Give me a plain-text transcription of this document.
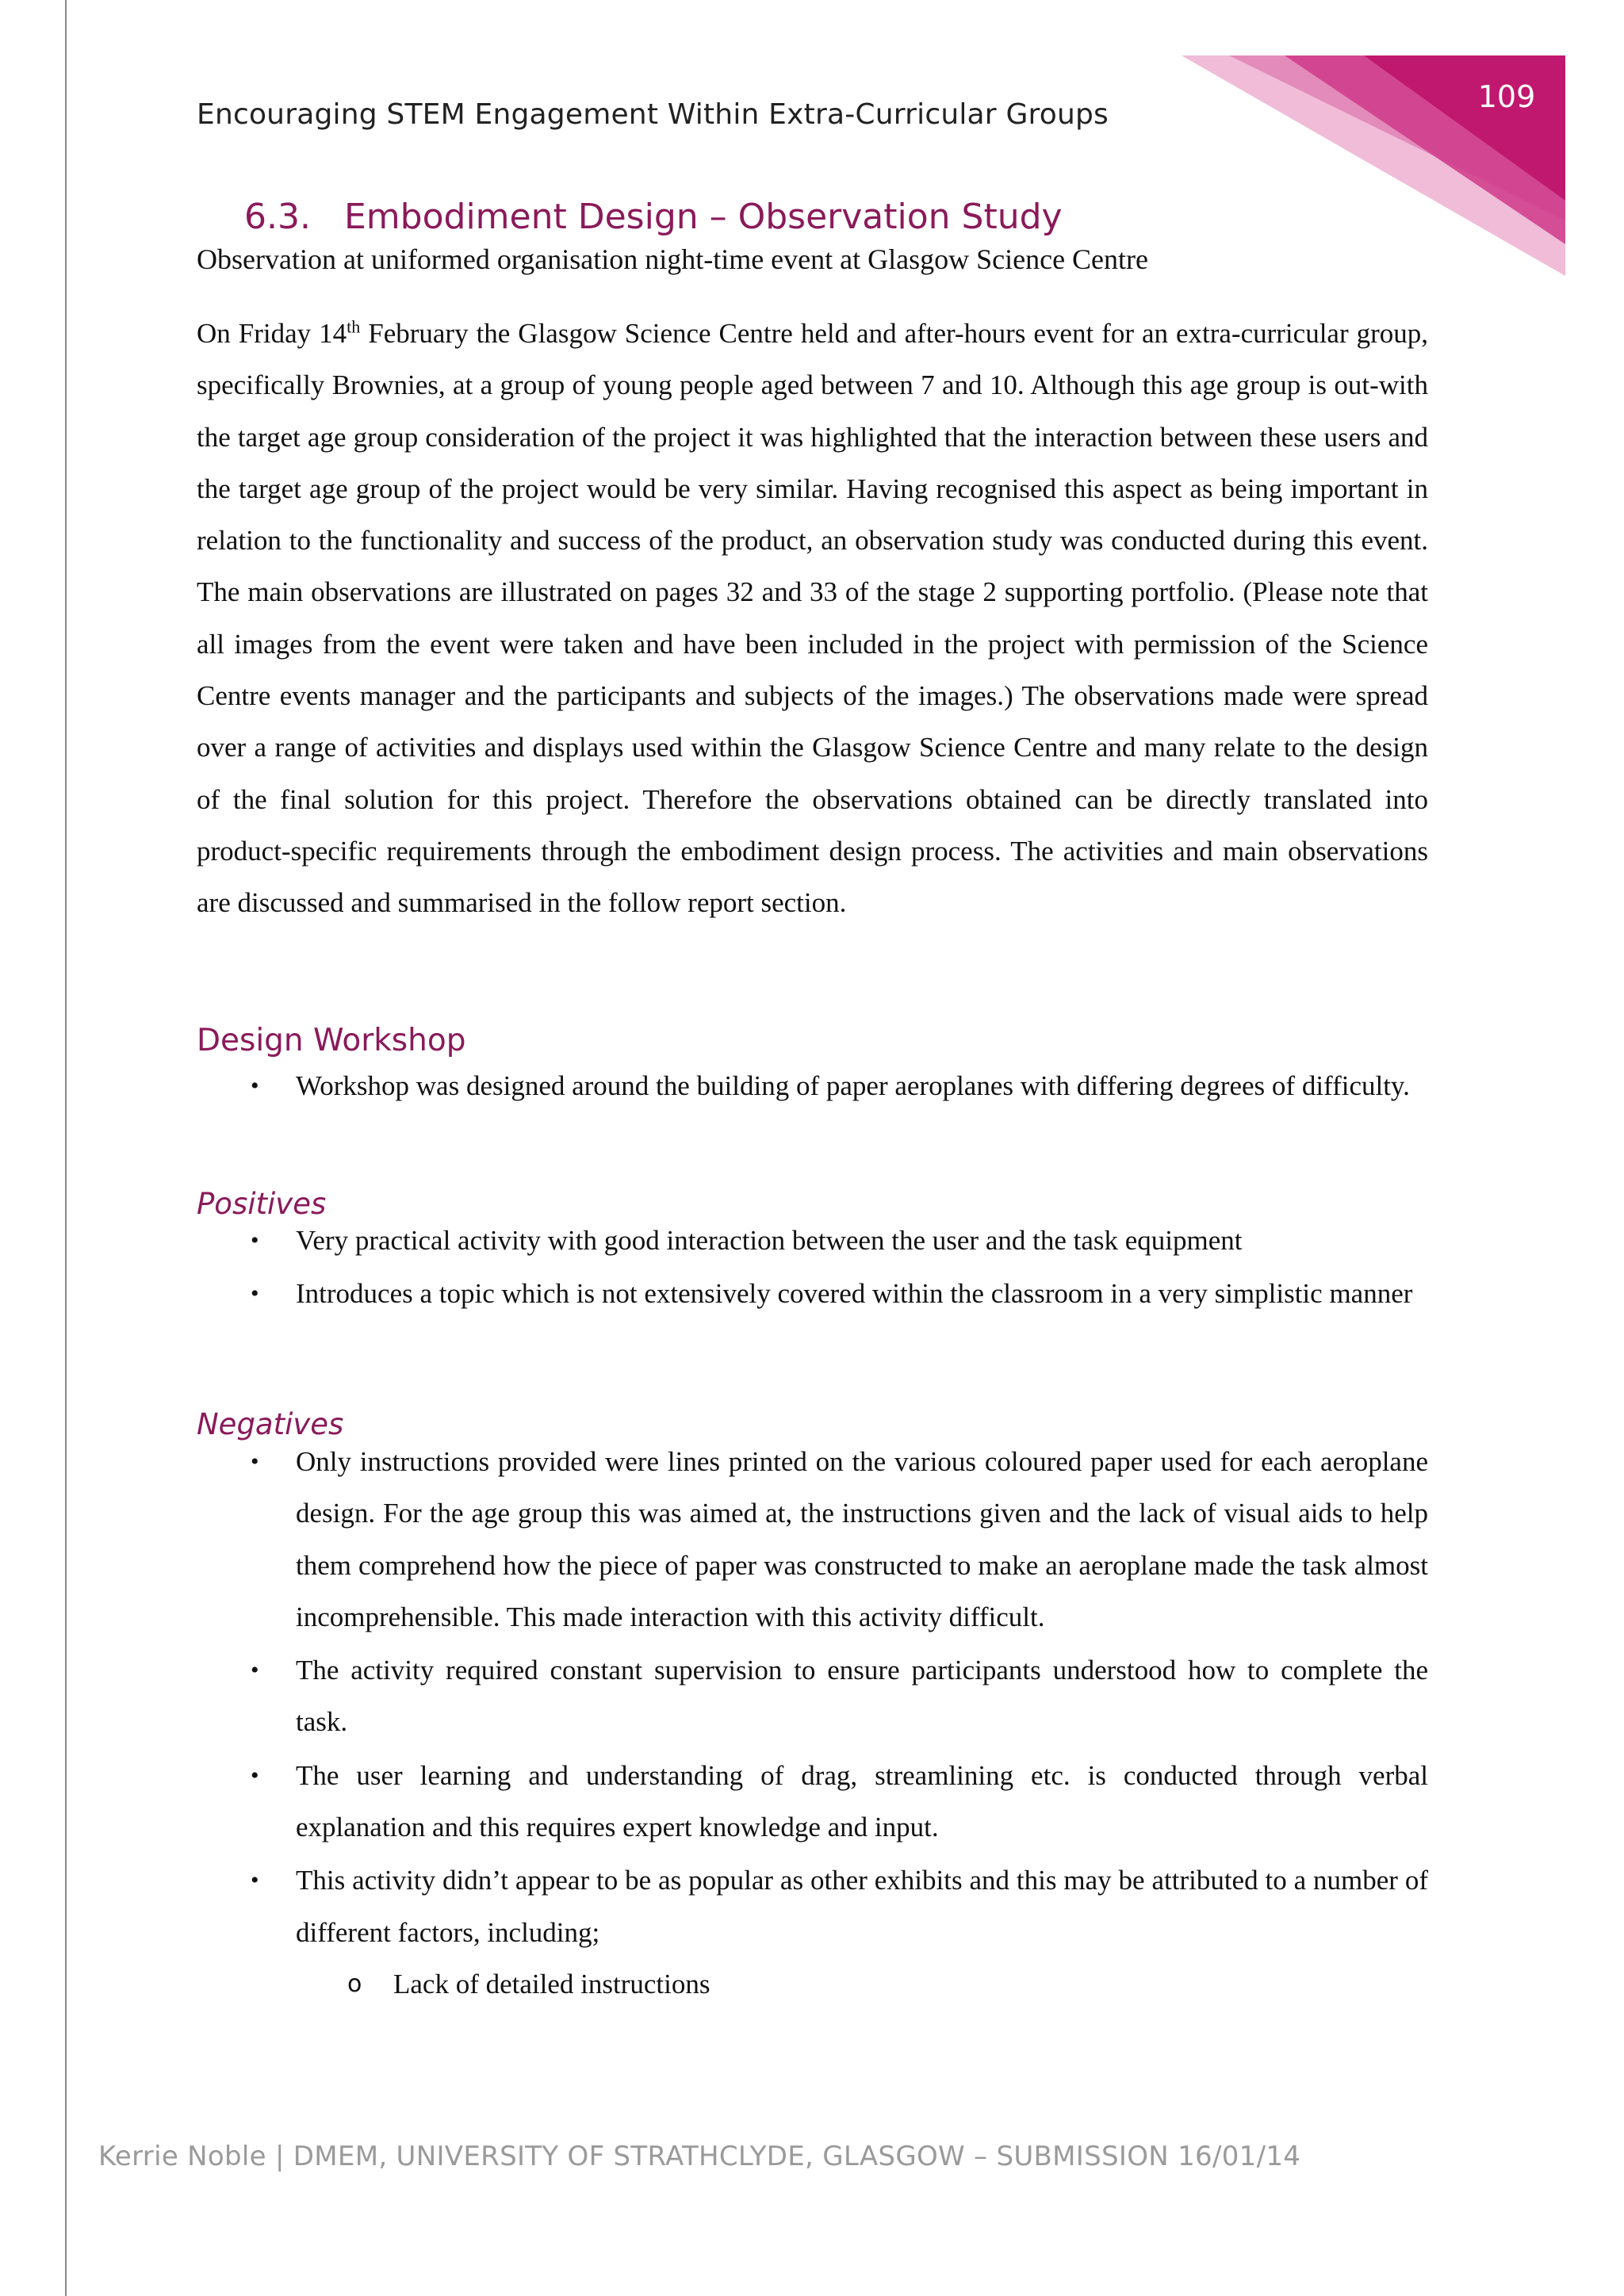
109
Encouraging STEM Engagement Within Extra-Curricular Groups
6.3. Embodiment Design – Observation Study
Observation at uniformed organisation night-time event at Glasgow Science Centre
On Friday 14th February the Glasgow Science Centre held and after-hours event for an extra-curricular group, specifically Brownies, at a group of young people aged between 7 and 10. Although this age group is out-with the target age group consideration of the project it was highlighted that the interaction between these users and the target age group of the project would be very similar. Having recognised this aspect as being important in relation to the functionality and success of the product, an observation study was conducted during this event. The main observations are illustrated on pages 32 and 33 of the stage 2 supporting portfolio. (Please note that all images from the event were taken and have been included in the project with permission of the Science Centre events manager and the participants and subjects of the images.) The observations made were spread over a range of activities and displays used within the Glasgow Science Centre and many relate to the design of the final solution for this project. Therefore the observations obtained can be directly translated into product-specific requirements through the embodiment design process. The activities and main observations are discussed and summarised in the follow report section.
Design Workshop
• Workshop was designed around the building of paper aeroplanes with differing degrees of difficulty.
Positives
• Very practical activity with good interaction between the user and the task equipment
• Introduces a topic which is not extensively covered within the classroom in a very simplistic manner
Negatives
• Only instructions provided were lines printed on the various coloured paper used for each aeroplane design. For the age group this was aimed at, the instructions given and the lack of visual aids to help them comprehend how the piece of paper was constructed to make an aeroplane made the task almost incomprehensible. This made interaction with this activity difficult.
• The activity required constant supervision to ensure participants understood how to complete the task.
• The user learning and understanding of drag, streamlining etc. is conducted through verbal explanation and this requires expert knowledge and input.
• This activity didn’t appear to be as popular as other exhibits and this may be attributed to a number of different factors, including;
o Lack of detailed instructions
Kerrie Noble | DMEM, UNIVERSITY OF STRATHCLYDE, GLASGOW – SUBMISSION 16/01/14
